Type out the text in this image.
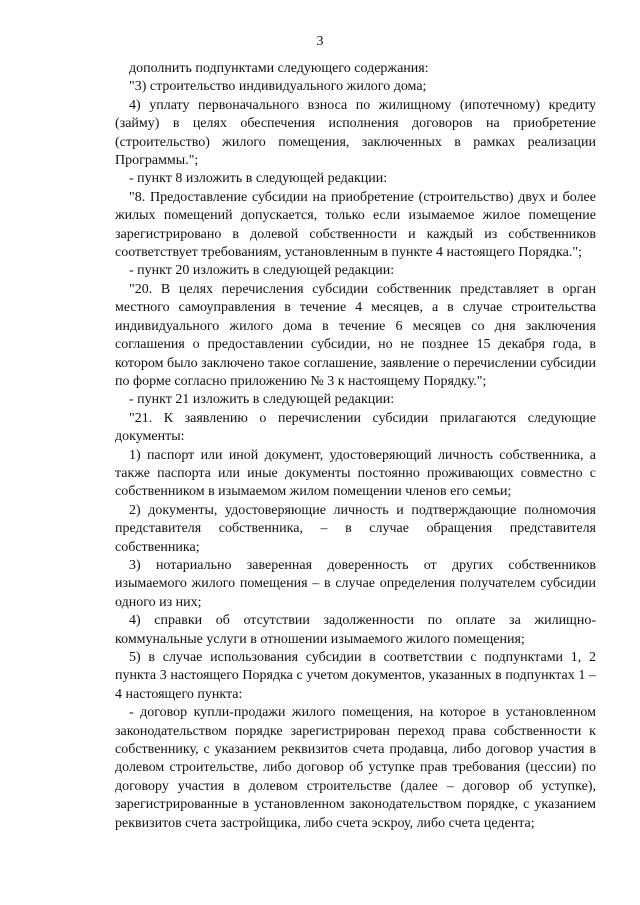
3

дополнить подпунктами следующего содержания:

"3) строительство индивидуального жилого дома;

4) уплату первоначального взноса по жилищному (ипотечному) кредиту (займу) в целях обеспечения исполнения договоров на приобретение (строительство) жилого помещения, заключенных в рамках реализации Программы.";

- пункт 8 изложить в следующей редакции:

"8. Предоставление субсидии на приобретение (строительство) двух и более жилых помещений допускается, только если изымаемое жилое помещение зарегистрировано в долевой собственности и каждый из собственников соответствует требованиям, установленным в пункте 4 настоящего Порядка.";

- пункт 20 изложить в следующей редакции:

"20. В целях перечисления субсидии собственник представляет в орган местного самоуправления в течение 4 месяцев, а в случае строительства индивидуального жилого дома в течение 6 месяцев со дня заключения соглашения о предоставлении субсидии, но не позднее 15 декабря года, в котором было заключено такое соглашение, заявление о перечислении субсидии по форме согласно приложению № 3 к настоящему Порядку.";

- пункт 21 изложить в следующей редакции:

"21. К заявлению о перечислении субсидии прилагаются следующие документы:

1) паспорт или иной документ, удостоверяющий личность собственника, а также паспорта или иные документы постоянно проживающих совместно с собственником в изымаемом жилом помещении членов его семьи;

2) документы, удостоверяющие личность и подтверждающие полномочия представителя собственника, – в случае обращения представителя собственника;

3) нотариально заверенная доверенность от других собственников изымаемого жилого помещения – в случае определения получателем субсидии одного из них;

4) справки об отсутствии задолженности по оплате за жилищно-коммунальные услуги в отношении изымаемого жилого помещения;

5) в случае использования субсидии в соответствии с подпунктами 1, 2 пункта 3 настоящего Порядка с учетом документов, указанных в подпунктах 1 – 4 настоящего пункта:

- договор купли-продажи жилого помещения, на которое в установленном законодательством порядке зарегистрирован переход права собственности к собственнику, с указанием реквизитов счета продавца, либо договор участия в долевом строительстве, либо договор об уступке прав требования (цессии) по договору участия в долевом строительстве (далее – договор об уступке), зарегистрированные в установленном законодательством порядке, с указанием реквизитов счета застройщика, либо счета эскроу, либо счета цедента;
